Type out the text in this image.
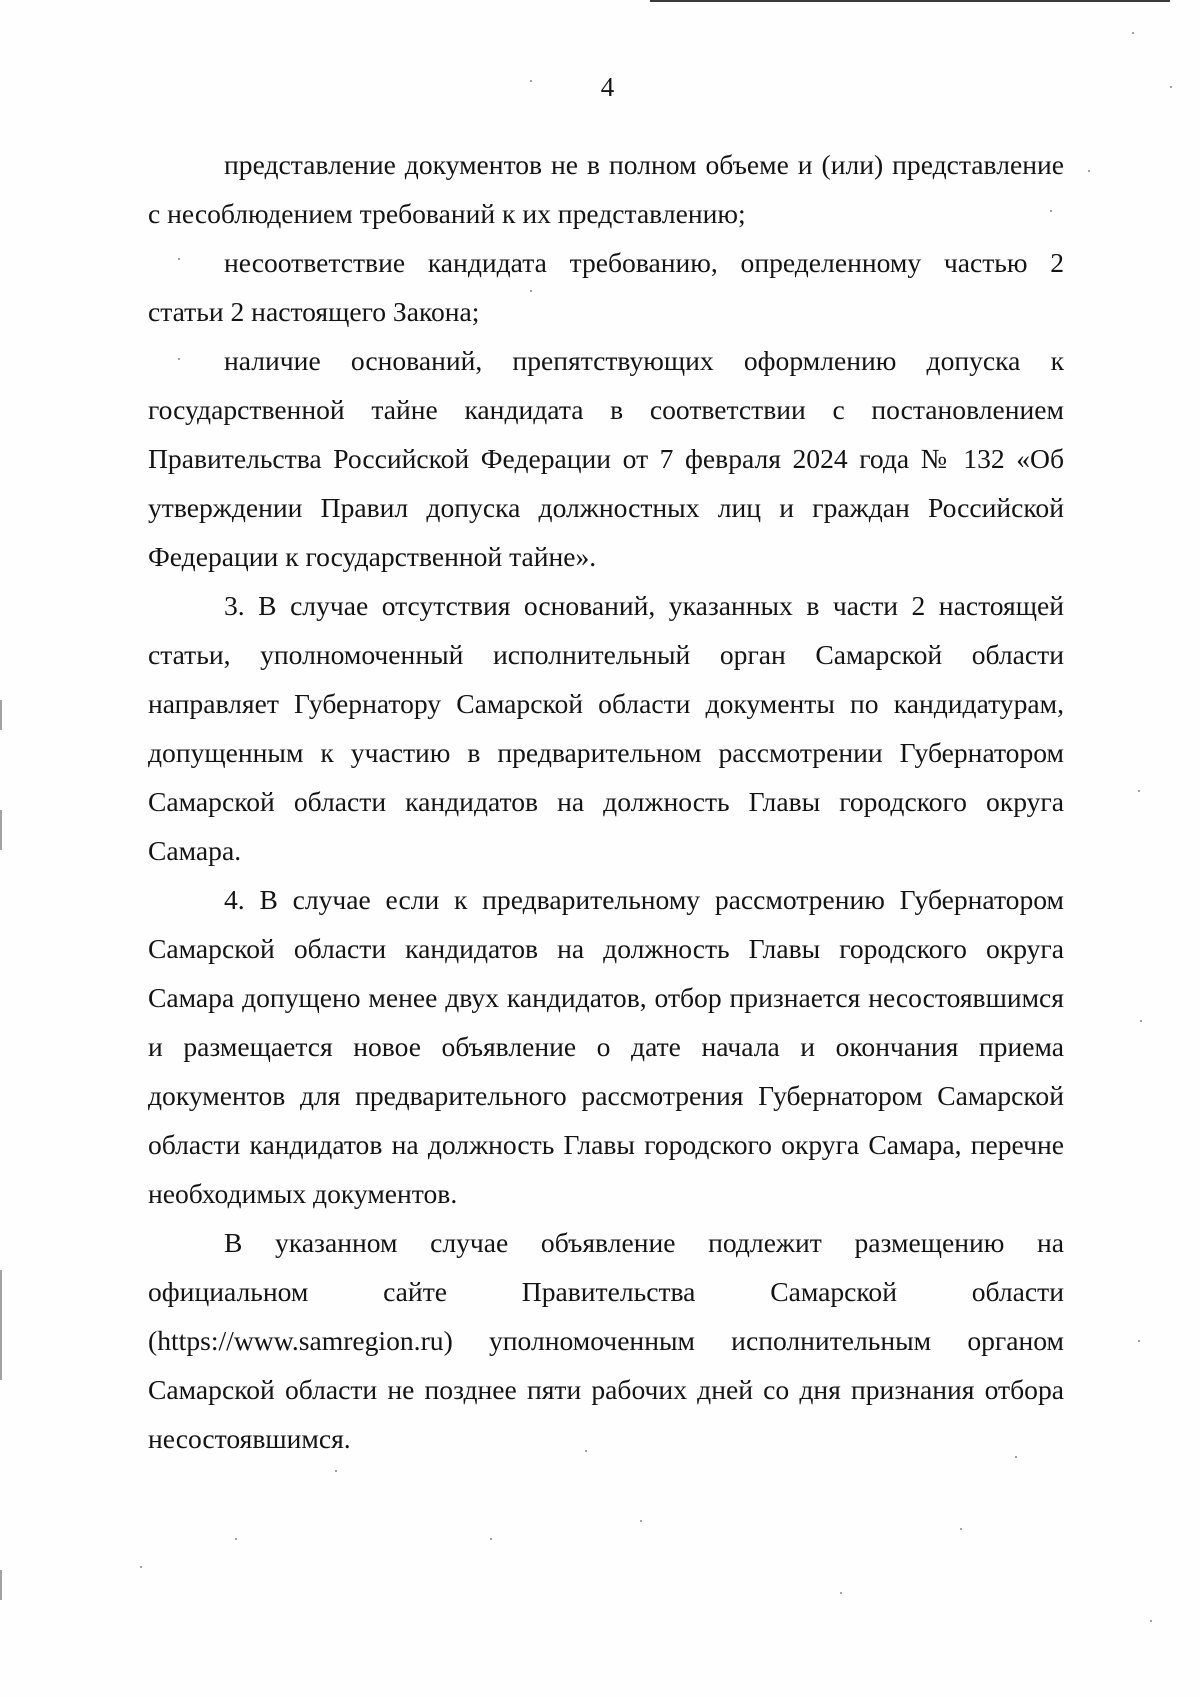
4

представление документов не в полном объеме и (или) представление с несоблюдением требований к их представлению;

несоответствие кандидата требованию, определенному частью 2 статьи 2 настоящего Закона;

наличие оснований, препятствующих оформлению допуска к государственной тайне кандидата в соответствии с постановлением Правительства Российской Федерации от 7 февраля 2024 года № 132 «Об утверждении Правил допуска должностных лиц и граждан Российской Федерации к государственной тайне».

3. В случае отсутствия оснований, указанных в части 2 настоящей статьи, уполномоченный исполнительный орган Самарской области направляет Губернатору Самарской области документы по кандидатурам, допущенным к участию в предварительном рассмотрении Губернатором Самарской области кандидатов на должность Главы городского округа Самара.

4. В случае если к предварительному рассмотрению Губернатором Самарской области кандидатов на должность Главы городского округа Самара допущено менее двух кандидатов, отбор признается несостоявшимся и размещается новое объявление о дате начала и окончания приема документов для предварительного рассмотрения Губернатором Самарской области кандидатов на должность Главы городского округа Самара, перечне необходимых документов.

В указанном случае объявление подлежит размещению на официальном сайте Правительства Самарской области (https://www.samregion.ru) уполномоченным исполнительным органом Самарской области не позднее пяти рабочих дней со дня признания отбора несостоявшимся.
